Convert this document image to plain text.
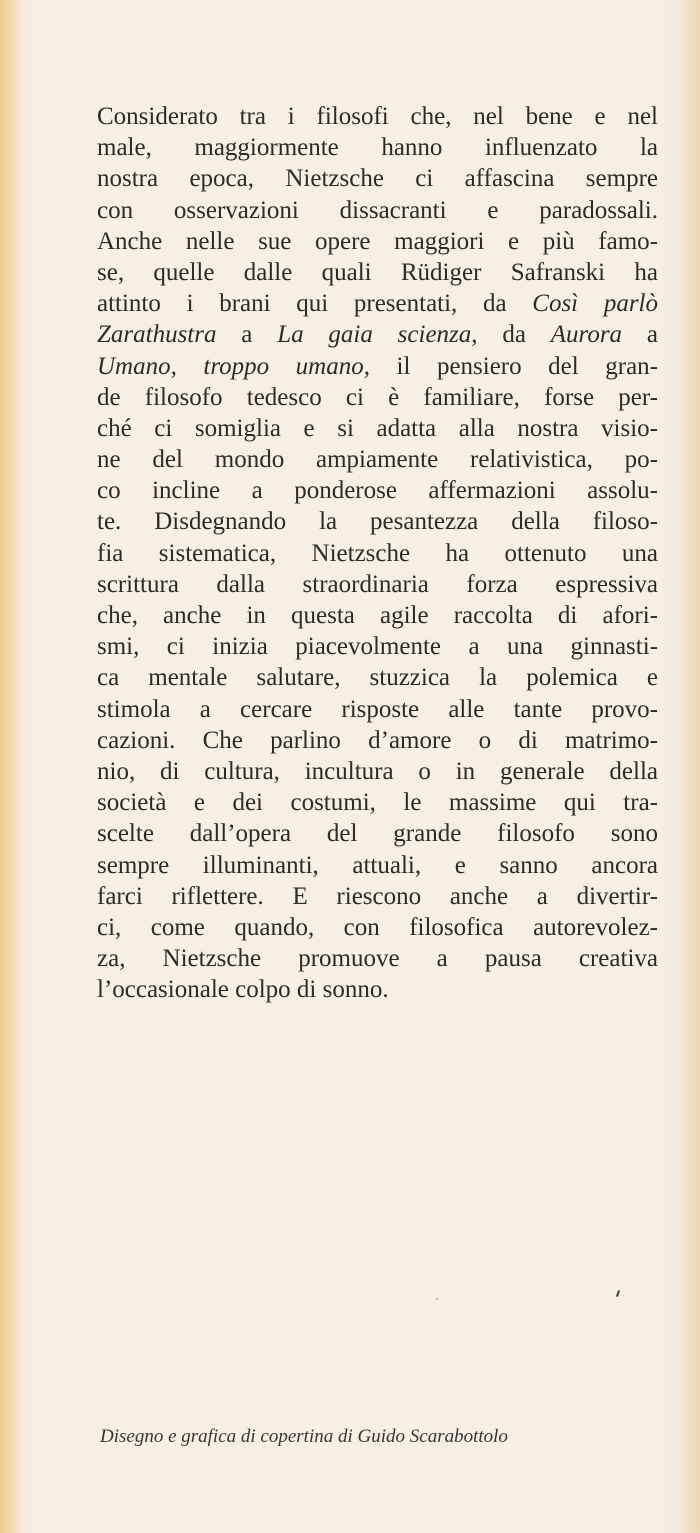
Considerato tra i filosofi che, nel bene e nel
male, maggiormente hanno influenzato la
nostra epoca, Nietzsche ci affascina sempre
con osservazioni dissacranti e paradossali.
Anche nelle sue opere maggiori e più famo-
se, quelle dalle quali Rüdiger Safranski ha
attinto i brani qui presentati, da Così parlò
Zarathustra a La gaia scienza, da Aurora a
Umano, troppo umano, il pensiero del gran-
de filosofo tedesco ci è familiare, forse per-
ché ci somiglia e si adatta alla nostra visio-
ne del mondo ampiamente relativistica, po-
co incline a ponderose affermazioni assolu-
te. Disdegnando la pesantezza della filoso-
fia sistematica, Nietzsche ha ottenuto una
scrittura dalla straordinaria forza espressiva
che, anche in questa agile raccolta di afori-
smi, ci inizia piacevolmente a una ginnasti-
ca mentale salutare, stuzzica la polemica e
stimola a cercare risposte alle tante provo-
cazioni. Che parlino d’amore o di matrimo-
nio, di cultura, incultura o in generale della
società e dei costumi, le massime qui tra-
scelte dall’opera del grande filosofo sono
sempre illuminanti, attuali, e sanno ancora
farci riflettere. E riescono anche a divertir-
ci, come quando, con filosofica autorevolez-
za, Nietzsche promuove a pausa creativa
l’occasionale colpo di sonno.
Disegno e grafica di copertina di Guido Scarabottolo
